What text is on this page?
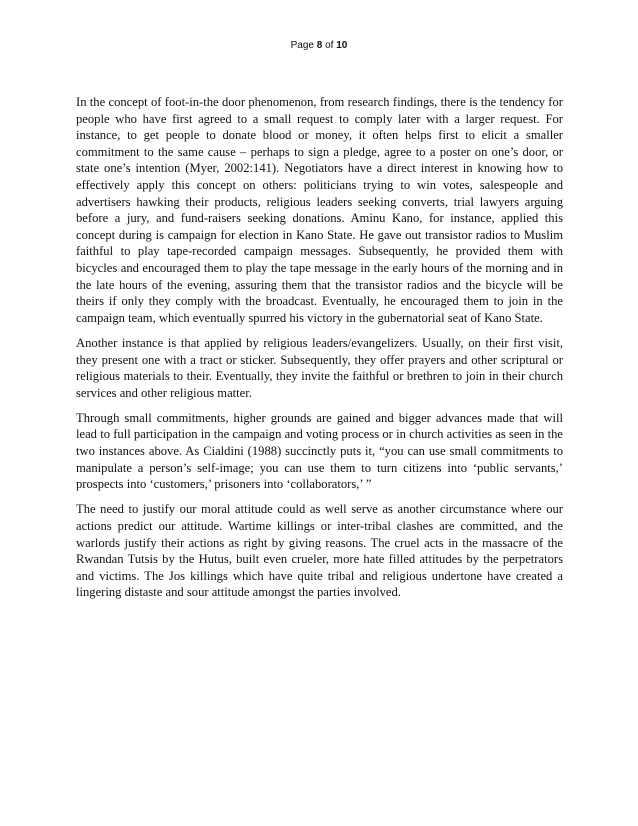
Page 8 of 10

In the concept of foot-in-the door phenomenon, from research findings, there is the tendency for people who have first agreed to a small request to comply later with a larger request. For instance, to get people to donate blood or money, it often helps first to elicit a smaller commitment to the same cause – perhaps to sign a pledge, agree to a poster on one’s door, or state one’s intention (Myer, 2002:141). Negotiators have a direct interest in knowing how to effectively apply this concept on others: politicians trying to win votes, salespeople and advertisers hawking their products, religious leaders seeking converts, trial lawyers arguing before a jury, and fund-raisers seeking donations. Aminu Kano, for instance, applied this concept during is campaign for election in Kano State. He gave out transistor radios to Muslim faithful to play tape-recorded campaign messages. Subsequently, he provided them with bicycles and encouraged them to play the tape message in the early hours of the morning and in the late hours of the evening, assuring them that the transistor radios and the bicycle will be theirs if only they comply with the broadcast. Eventually, he encouraged them to join in the campaign team, which eventually spurred his victory in the gubernatorial seat of Kano State.

Another instance is that applied by religious leaders/evangelizers. Usually, on their first visit, they present one with a tract or sticker. Subsequently, they offer prayers and other scriptural or religious materials to their. Eventually, they invite the faithful or brethren to join in their church services and other religious matter.

Through small commitments, higher grounds are gained and bigger advances made that will lead to full participation in the campaign and voting process or in church activities as seen in the two instances above. As Cialdini (1988) succinctly puts it, “you can use small commitments to manipulate a person’s self-image; you can use them to turn citizens into ‘public servants,’ prospects into ‘customers,’ prisoners into ‘collaborators,’ ”

The need to justify our moral attitude could as well serve as another circumstance where our actions predict our attitude. Wartime killings or inter-tribal clashes are committed, and the warlords justify their actions as right by giving reasons. The cruel acts in the massacre of the Rwandan Tutsis by the Hutus, built even crueler, more hate filled attitudes by the perpetrators and victims. The Jos killings which have quite tribal and religious undertone have created a lingering distaste and sour attitude amongst the parties involved.
